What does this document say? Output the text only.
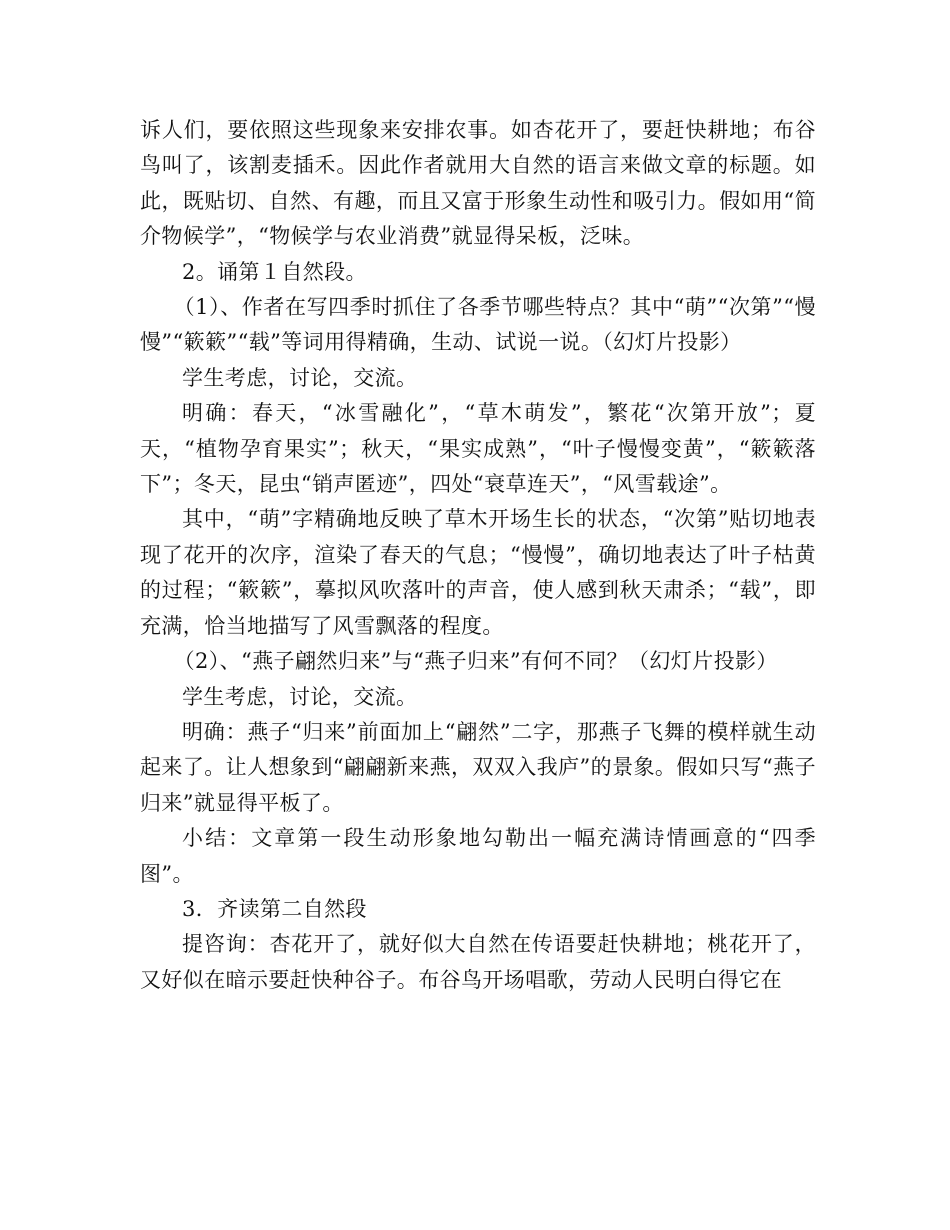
诉人们，要依照这些现象来安排农事。如杏花开了，要赶快耕地；布谷鸟叫了，该割麦插禾。因此作者就用大自然的语言来做文章的标题。如此，既贴切、自然、有趣，而且又富于形象生动性和吸引力。假如用“简介物候学”，“物候学与农业消费”就显得呆板，泛味。

2。诵第１自然段。

（1）、作者在写四季时抓住了各季节哪些特点？其中“萌”“次第”“慢慢”“簌簌”“载”等词用得精确，生动、试说一说。（幻灯片投影）

学生考虑，讨论，交流。

明确：春天，“冰雪融化”，“草木萌发”，繁花“次第开放”；夏天，“植物孕育果实”；秋天，“果实成熟”，“叶子慢慢变黄”，“簌簌落下”；冬天，昆虫“销声匿迹”，四处“衰草连天”，“风雪载途”。

其中，“萌”字精确地反映了草木开场生长的状态，“次第”贴切地表现了花开的次序，渲染了春天的气息；“慢慢”，确切地表达了叶子枯黄的过程；“簌簌”，摹拟风吹落叶的声音，使人感到秋天肃杀；“载”，即充满，恰当地描写了风雪飘落的程度。

（2）、“燕子翩然归来”与“燕子归来”有何不同？（幻灯片投影）

学生考虑，讨论，交流。

明确：燕子“归来”前面加上“翩然”二字，那燕子飞舞的模样就生动起来了。让人想象到“翩翩新来燕，双双入我庐”的景象。假如只写“燕子归来”就显得平板了。

小结：文章第一段生动形象地勾勒出一幅充满诗情画意的“四季图”。

3．齐读第二自然段

提咨询：杏花开了，就好似大自然在传语要赶快耕地；桃花开了，又好似在暗示要赶快种谷子。布谷鸟开场唱歌，劳动人民明白得它在
